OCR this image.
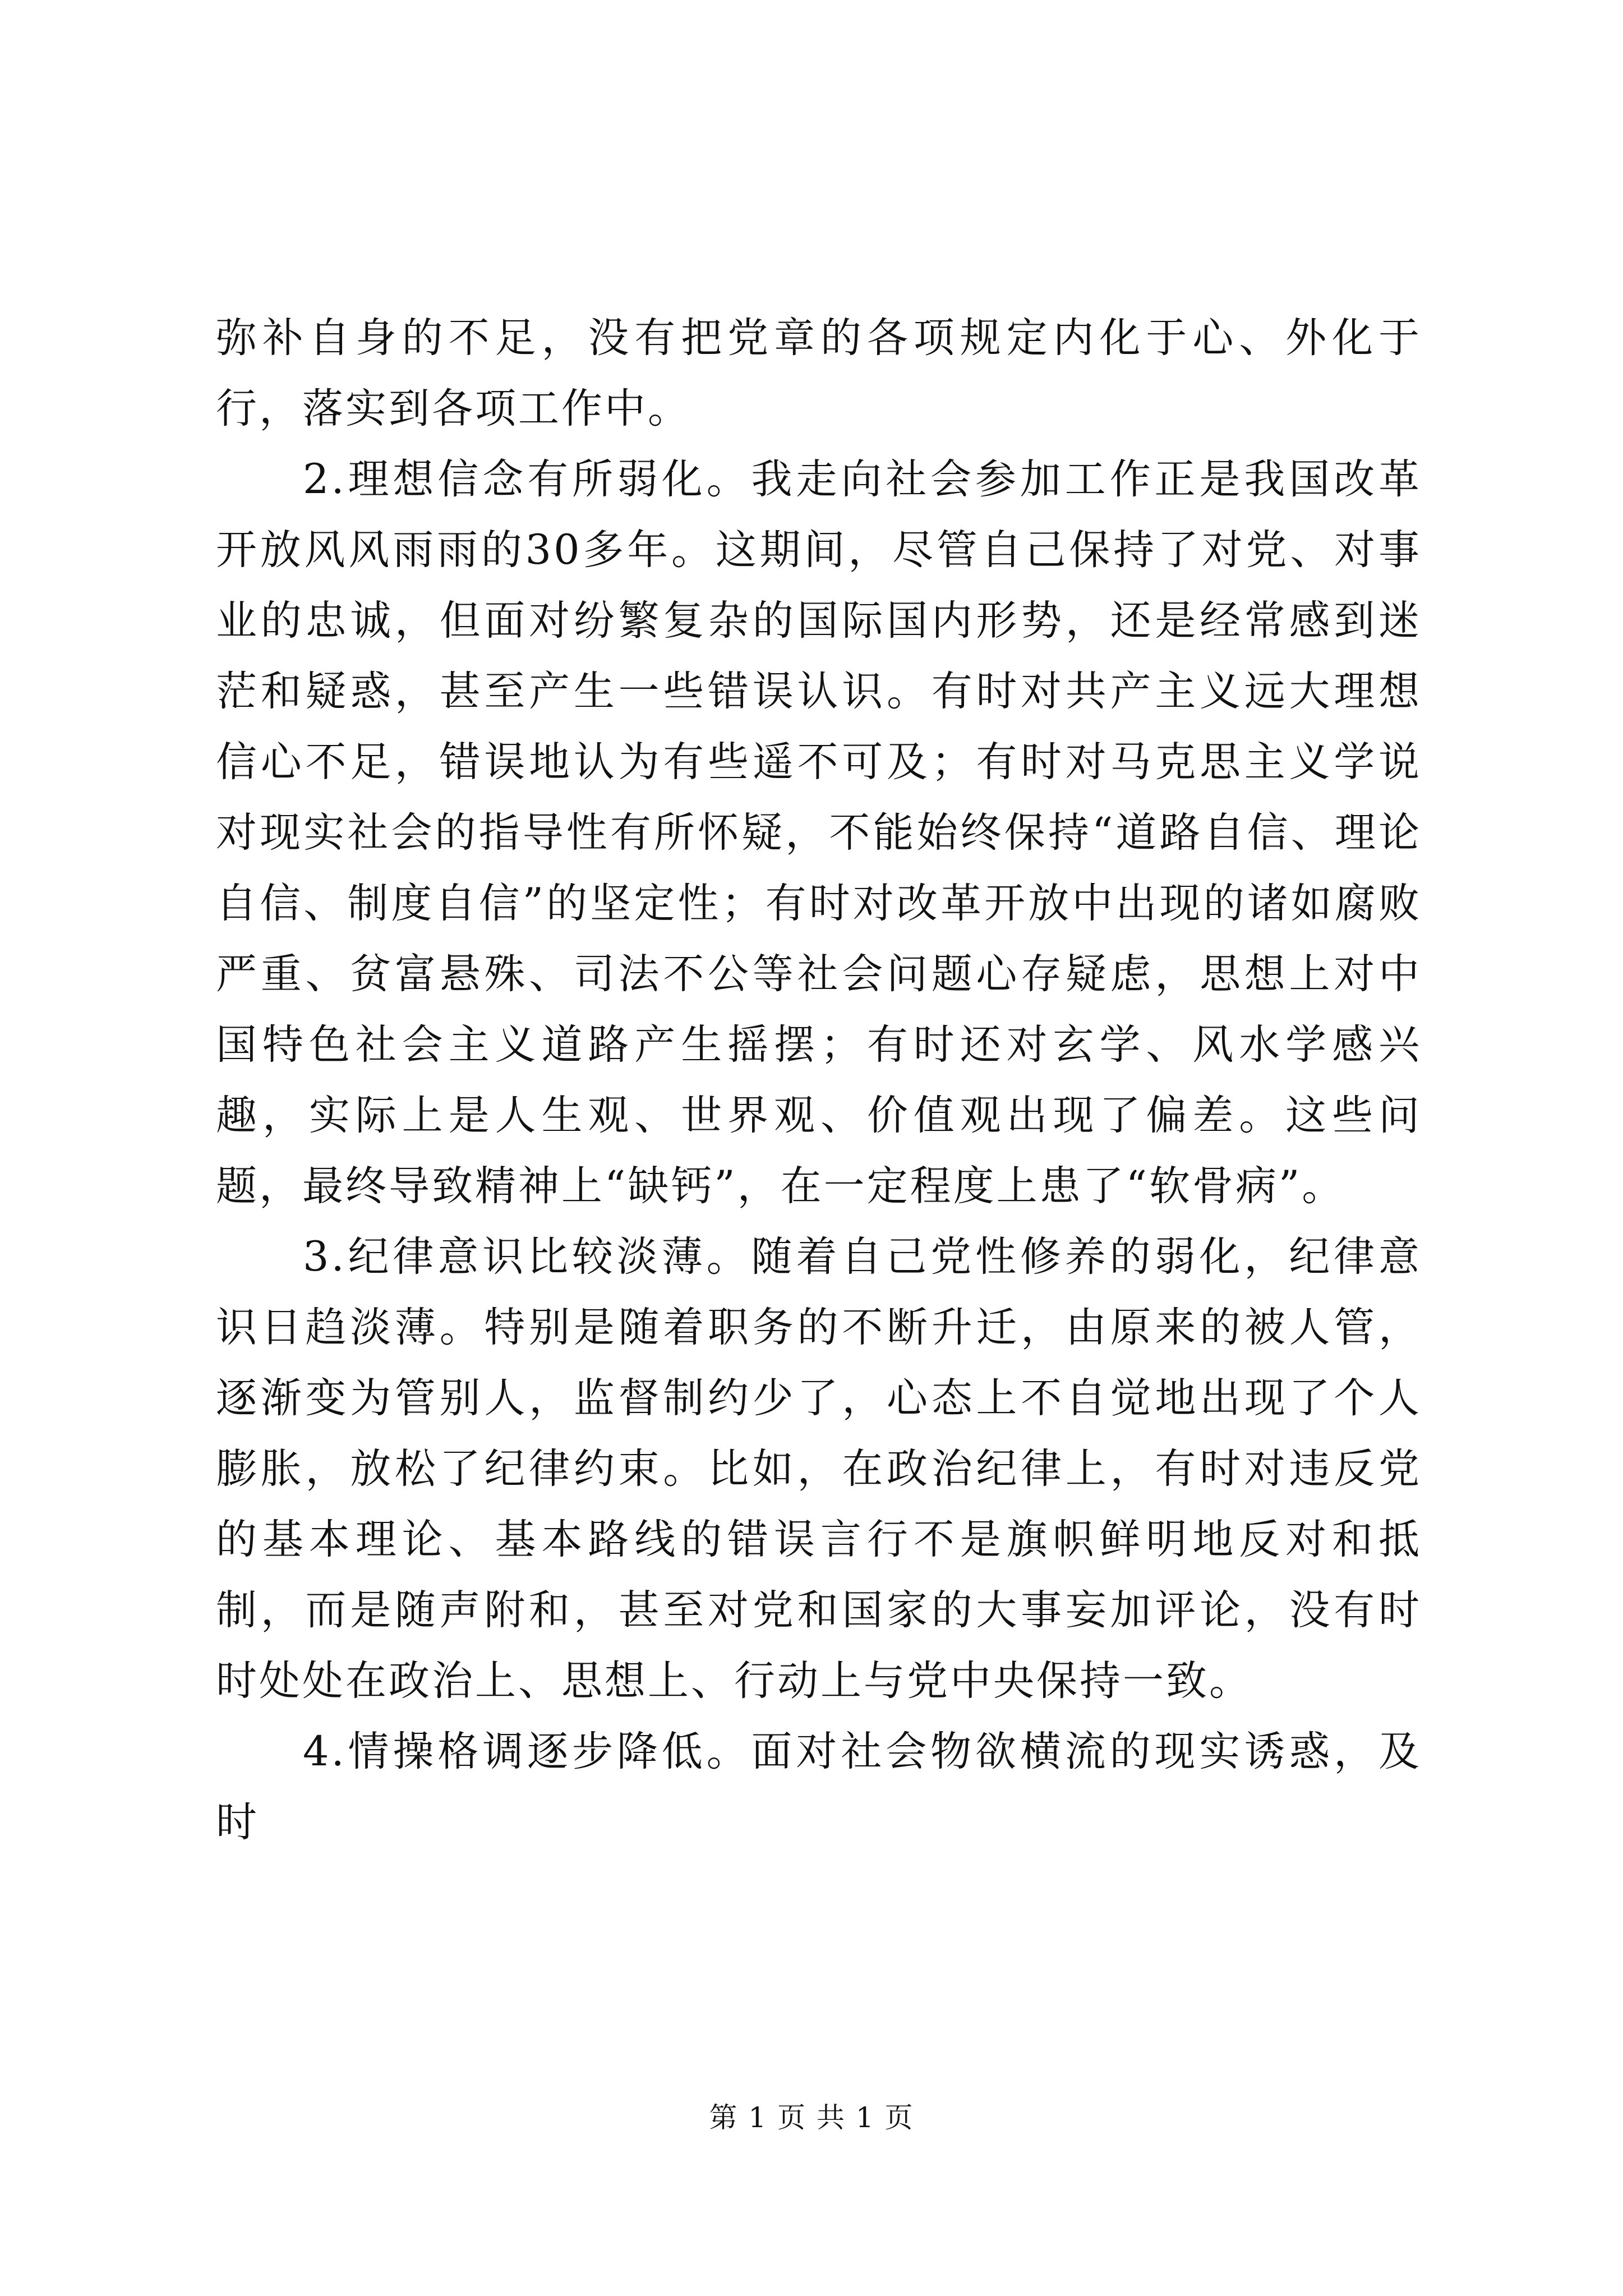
弥补自身的不足，没有把党章的各项规定内化于心、外化于行，落实到各项工作中。

2.理想信念有所弱化。我走向社会参加工作正是我国改革开放风风雨雨的30多年。这期间，尽管自己保持了对党、对事业的忠诚，但面对纷繁复杂的国际国内形势，还是经常感到迷茫和疑惑，甚至产生一些错误认识。有时对共产主义远大理想信心不足，错误地认为有些遥不可及；有时对马克思主义学说对现实社会的指导性有所怀疑，不能始终保持“道路自信、理论自信、制度自信”的坚定性；有时对改革开放中出现的诸如腐败严重、贫富悬殊、司法不公等社会问题心存疑虑，思想上对中国特色社会主义道路产生摇摆；有时还对玄学、风水学感兴趣，实际上是人生观、世界观、价值观出现了偏差。这些问题，最终导致精神上“缺钙”，在一定程度上患了“软骨病”。

3.纪律意识比较淡薄。随着自己党性修养的弱化，纪律意识日趋淡薄。特别是随着职务的不断升迁，由原来的被人管，逐渐变为管别人，监督制约少了，心态上不自觉地出现了个人膨胀，放松了纪律约束。比如，在政治纪律上，有时对违反党的基本理论、基本路线的错误言行不是旗帜鲜明地反对和抵制，而是随声附和，甚至对党和国家的大事妄加评论，没有时时处处在政治上、思想上、行动上与党中央保持一致。

4.情操格调逐步降低。面对社会物欲横流的现实诱惑，及时

第 1 页 共 1 页
